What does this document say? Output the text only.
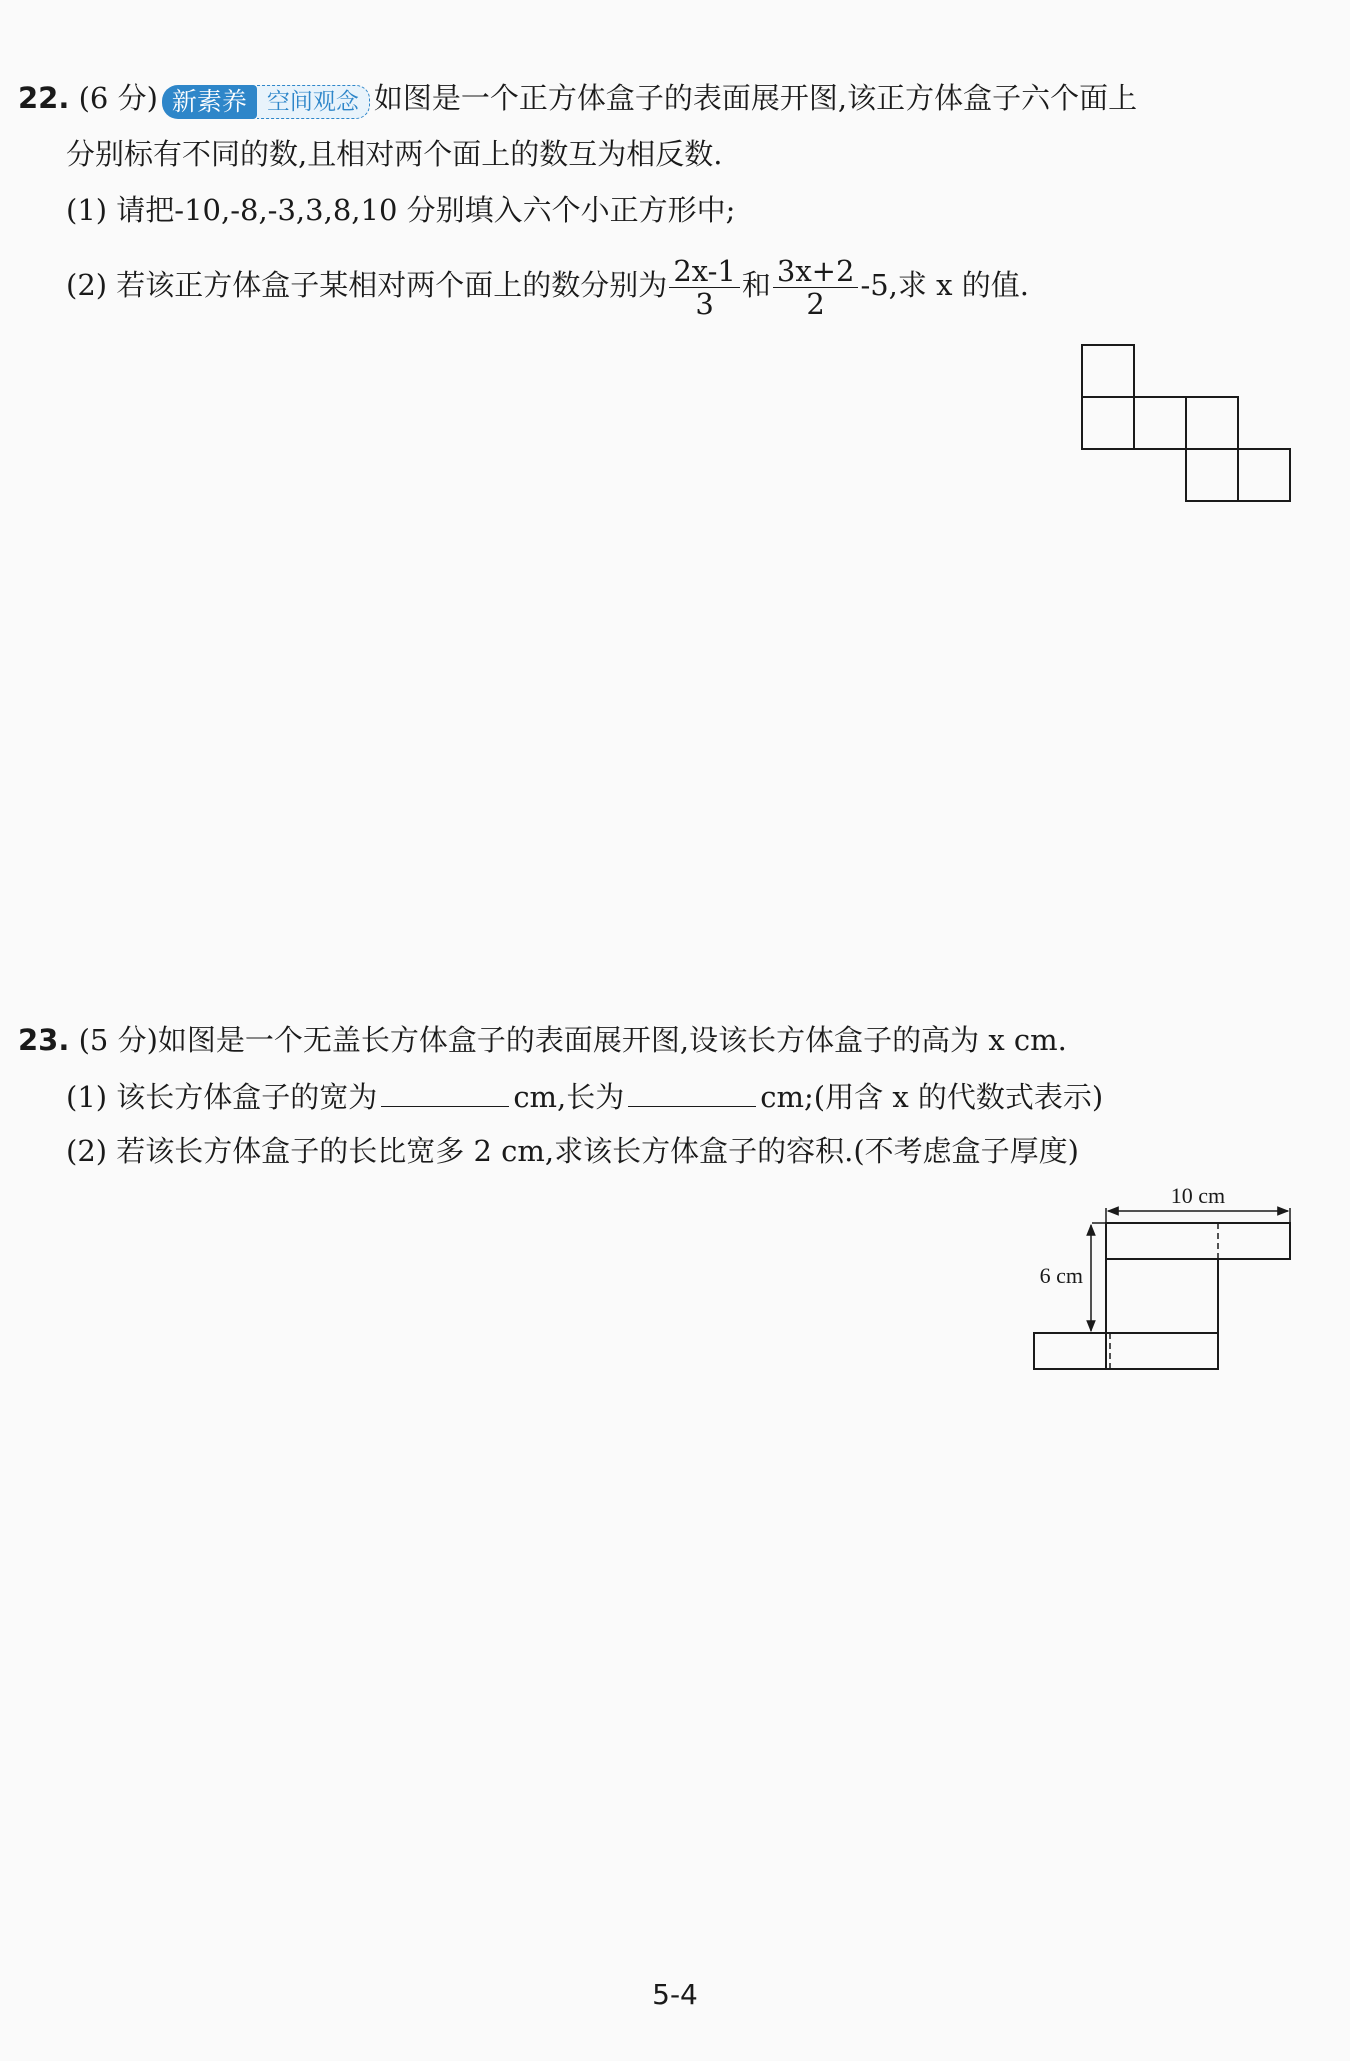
22. (6 分) 新素养 空间观念 如图是一个正方体盒子的表面展开图,该正方体盒子六个面上
分别标有不同的数,且相对两个面上的数互为相反数.
(1) 请把-10,-8,-3,3,8,10 分别填入六个小正方形中;
(2) 若该正方体盒子某相对两个面上的数分别为 $\frac{2x-1}{3}$ 和 $\frac{3x+2}{2} -5$,求 x 的值.
23. (5 分)如图是一个无盖长方体盒子的表面展开图,设该长方体盒子的高为 x cm.
(1) 该长方体盒子的宽为	cm,长为	cm;(用含 x 的代数式表示)
(2) 若该长方体盒子的长比宽多 2 cm,求该长方体盒子的容积.(不考虑盒子厚度)
10 cm
6 cm
5-4
